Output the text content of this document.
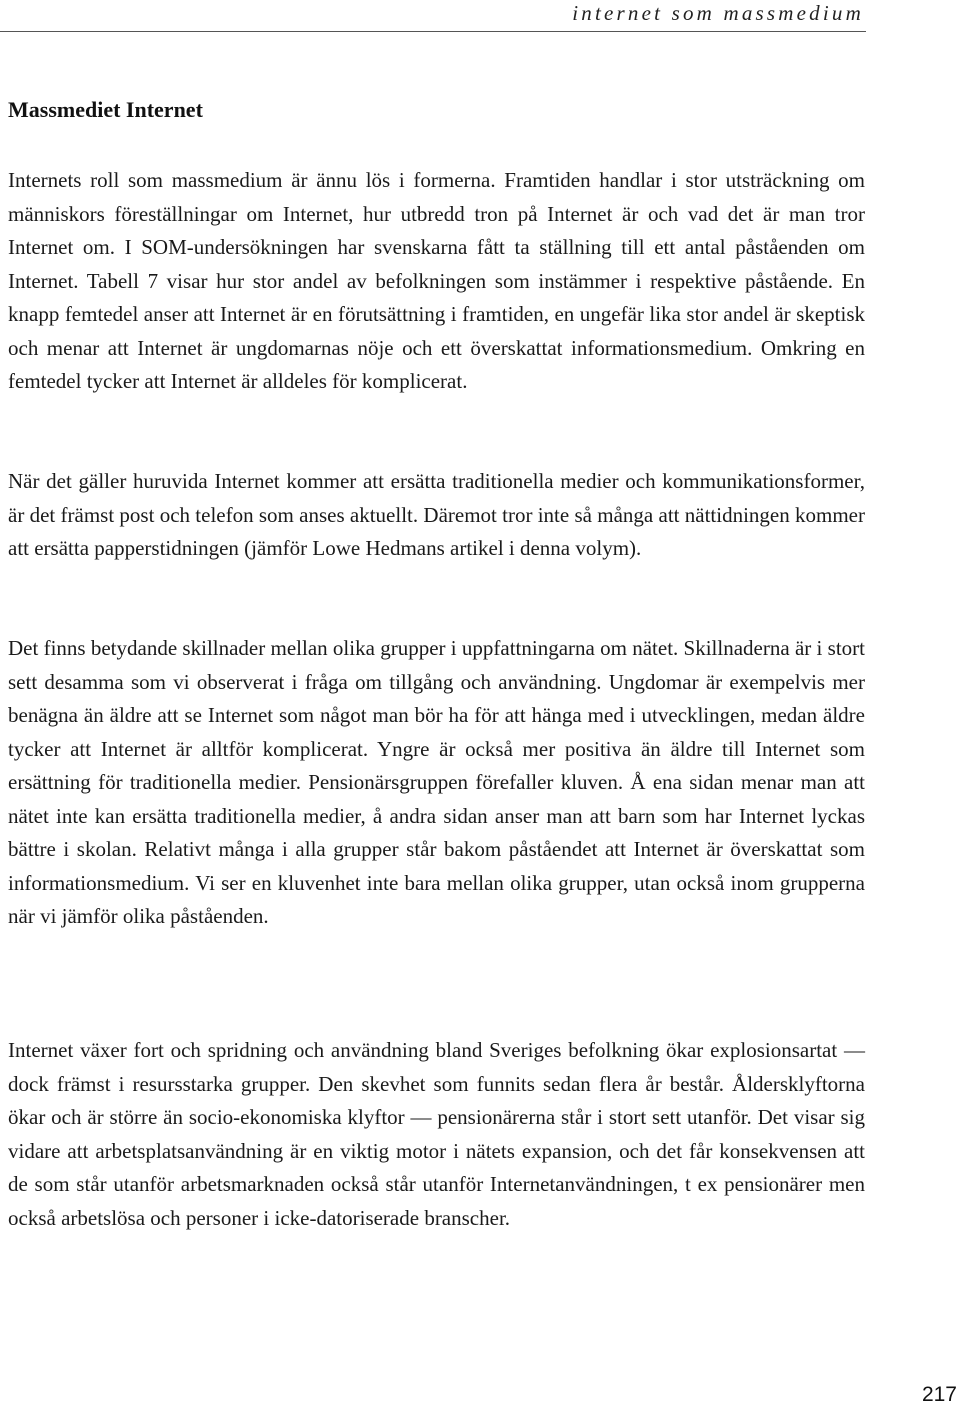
internet som massmedium
Massmediet Internet

Internets roll som massmedium är ännu lös i formerna. Framtiden handlar i stor utsträckning om människors föreställningar om Internet, hur utbredd tron på Internet är och vad det är man tror Internet om. I SOM-undersökningen har svenskarna fått ta ställning till ett antal påståenden om Internet. Tabell 7 visar hur stor andel av befolkningen som instämmer i respektive påstående. En knapp femtedel anser att Internet är en förutsättning i framtiden, en ungefär lika stor andel är skeptisk och menar att Internet är ungdomarnas nöje och ett överskattat informationsmedium. Omkring en femtedel tycker att Internet är alldeles för komplicerat.

När det gäller huruvida Internet kommer att ersätta traditionella medier och kommunikationsformer, är det främst post och telefon som anses aktuellt. Däremot tror inte så många att nättidningen kommer att ersätta papperstidningen (jämför Lowe Hedmans artikel i denna volym).

Det finns betydande skillnader mellan olika grupper i uppfattningarna om nätet. Skillnaderna är i stort sett desamma som vi observerat i fråga om tillgång och användning. Ungdomar är exempelvis mer benägna än äldre att se Internet som något man bör ha för att hänga med i utvecklingen, medan äldre tycker att Internet är alltför komplicerat. Yngre är också mer positiva än äldre till Internet som ersättning för traditionella medier. Pensionärsgruppen förefaller kluven. Å ena sidan menar man att nätet inte kan ersätta traditionella medier, å andra sidan anser man att barn som har Internet lyckas bättre i skolan. Relativt många i alla grupper står bakom påståendet att Internet är överskattat som informationsmedium. Vi ser en kluvenhet inte bara mellan olika grupper, utan också inom grupperna när vi jämför olika påståenden.

Internet växer fort och spridning och användning bland Sveriges befolkning ökar explosionsartat — dock främst i resursstarka grupper. Den skevhet som funnits sedan flera år består. Åldersklyftorna ökar och är större än socio-ekonomiska klyftor — pensionärerna står i stort sett utanför. Det visar sig vidare att arbetsplatsanvändning är en viktig motor i nätets expansion, och det får konsekvensen att de som står utanför arbetsmarknaden också står utanför Internetanvändningen, t ex pensionärer men också arbetslösa och personer i icke-datoriserade branscher.

217
